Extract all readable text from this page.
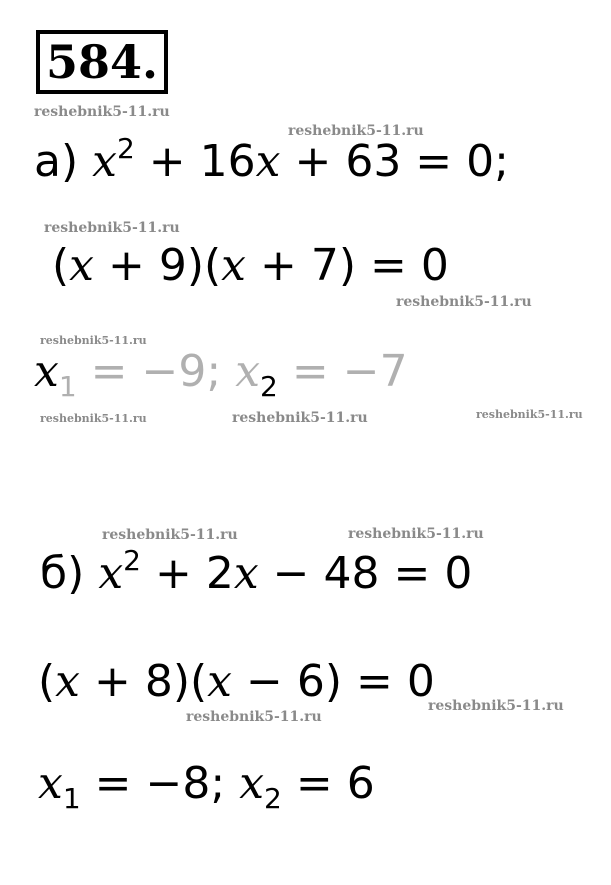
584.
reshebnik5-11.ru
reshebnik5-11.ru
reshebnik5-11.ru
reshebnik5-11.ru
reshebnik5-11.ru
reshebnik5-11.ru	reshebnik5-11.ru	reshebnik5-11.ru
reshebnik5-11.ru	reshebnik5-11.ru
reshebnik5-11.ru
reshebnik5-11.ru
а) $x^2 + 16x + 63 = 0$;
(x + 9)(x + 7) = 0
$x_1 = -9$; $x_2 = -7$
б) $x^2 + 2x - 48 = 0$
(x + 8)(x − 6) = 0
$x_1 = -8$; $x_2 = 6$
